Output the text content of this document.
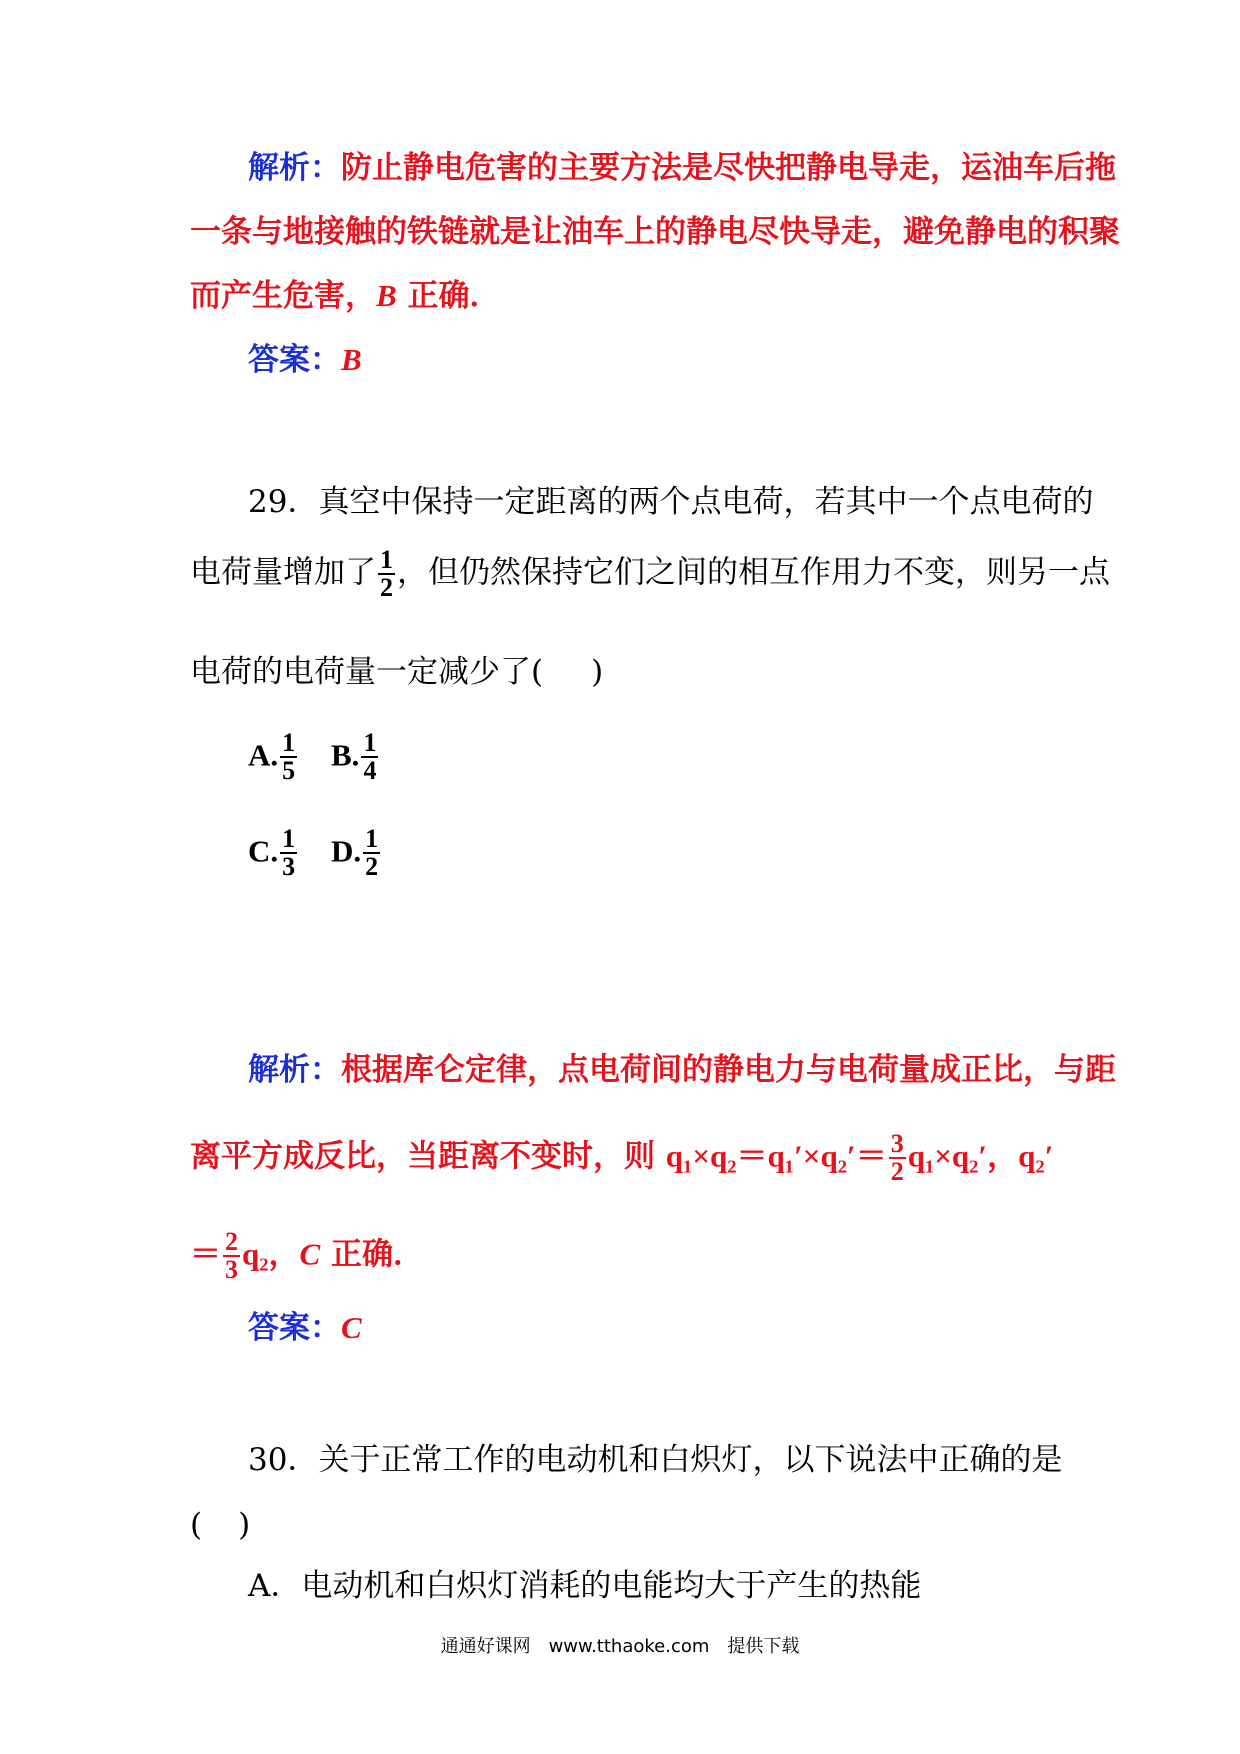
解析：防止静电危害的主要方法是尽快把静电导走，运油车后拖
一条与地接触的铁链就是让油车上的静电尽快导走，避免静电的积聚
而产生危害，B 正确．
答案：B
29．真空中保持一定距离的两个点电荷，若其中一个点电荷的
电荷量增加了 $\frac{1}{2}$ ，但仍然保持它们之间的相互作用力不变，则另一点
电荷的电荷量一定减少了( )
A. $\frac{1}{5} B$. $\frac{1}{4}$
C. $\frac{1}{3} D$. $\frac{1}{2}$
解析：根据库仑定律，点电荷间的静电力与电荷量成正比，与距
离平方成反比，当距离不变时，则 $q_1\times q_2=q_1'\times q_2'= \frac{3}{2} q_1\times q_2'$，q₂′
＝ $\frac{2}{3} q_2$，C 正确．
答案：C
30．关于正常工作的电动机和白炽灯，以下说法中正确的是
( )
A．电动机和白炽灯消耗的电能均大于产生的热能
通通好课网　www.tthaoke.com　提供下载
